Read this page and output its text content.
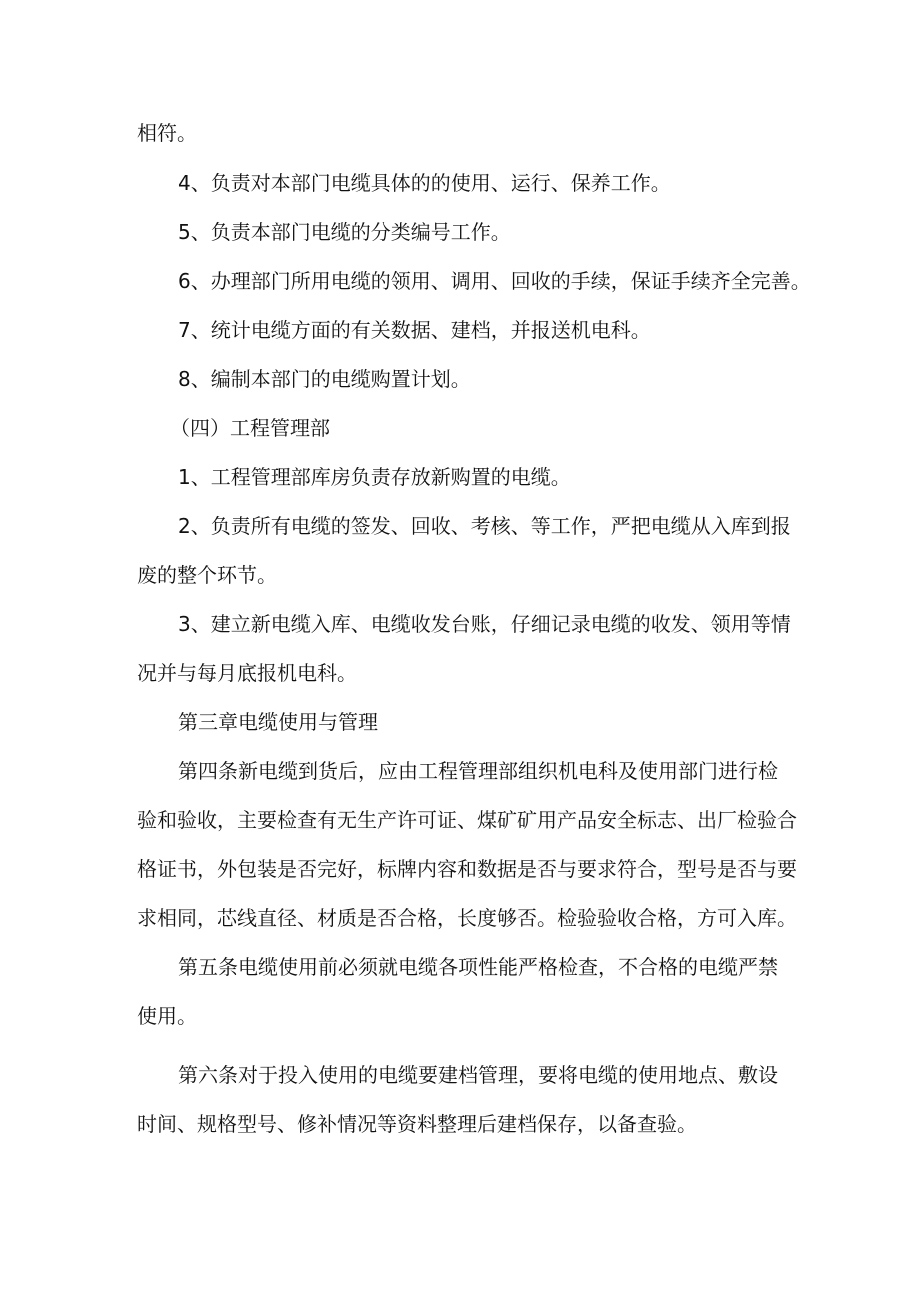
相符。

4、负责对本部门电缆具体的的使用、运行、保养工作。

5、负责本部门电缆的分类编号工作。

6、办理部门所用电缆的领用、调用、回收的手续，保证手续齐全完善。

7、统计电缆方面的有关数据、建档，并报送机电科。

8、编制本部门的电缆购置计划。

（四）工程管理部

1、工程管理部库房负责存放新购置的电缆。

2、负责所有电缆的签发、回收、考核、等工作，严把电缆从入库到报

废的整个环节。

3、建立新电缆入库、电缆收发台账，仔细记录电缆的收发、领用等情

况并与每月底报机电科。

第三章电缆使用与管理

第四条新电缆到货后，应由工程管理部组织机电科及使用部门进行检

验和验收，主要检查有无生产许可证、煤矿矿用产品安全标志、出厂检验合

格证书，外包装是否完好，标牌内容和数据是否与要求符合，型号是否与要

求相同，芯线直径、材质是否合格，长度够否。检验验收合格，方可入库。

第五条电缆使用前必须就电缆各项性能严格检查，不合格的电缆严禁

使用。

第六条对于投入使用的电缆要建档管理，要将电缆的使用地点、敷设

时间、规格型号、修补情况等资料整理后建档保存，以备查验。
